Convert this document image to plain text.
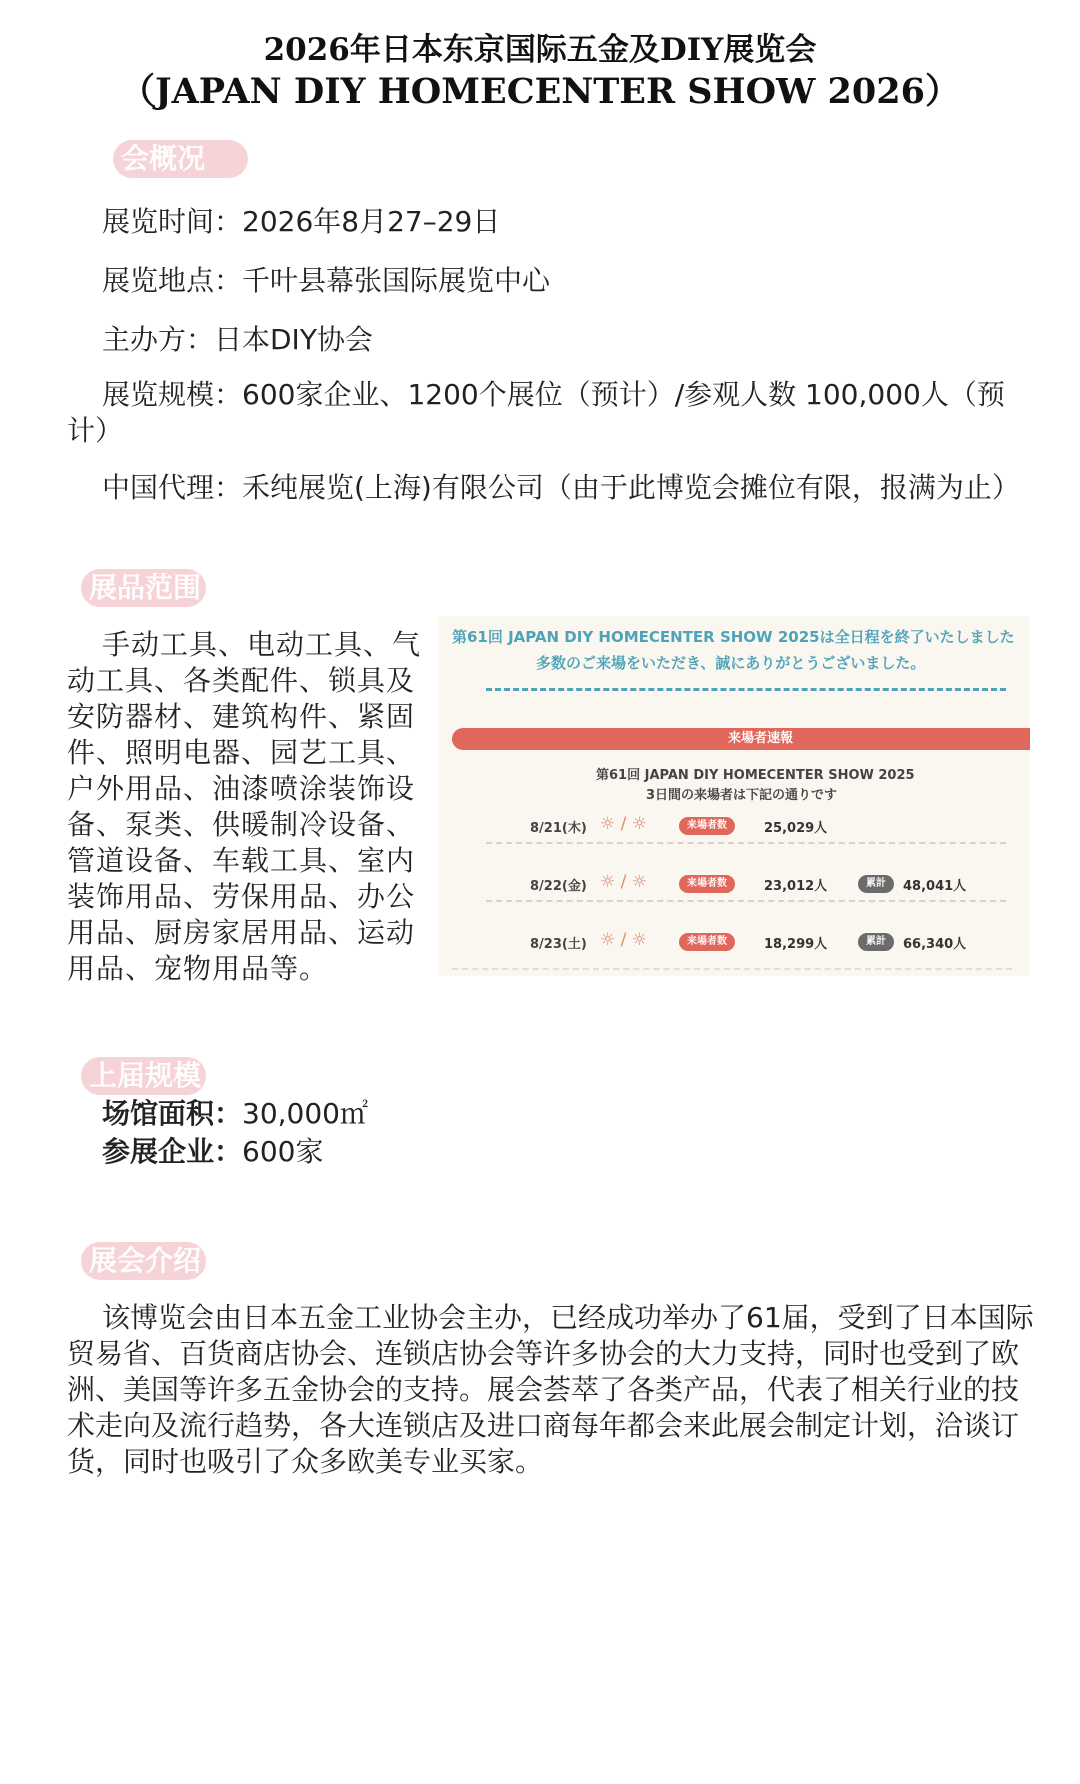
2026年日本东京国际五金及DIY展览会
（JAPAN DIY HOMECENTER SHOW 2026）
会概况
展览时间：2026年8月27–29日
展览地点：千叶县幕张国际展览中心
主办方：日本DIY协会
展览规模：600家企业、1200个展位（预计）/参观人数 100,000人（预计）
中国代理：禾纯展览(上海)有限公司（由于此博览会摊位有限，报满为止）
展品范围
手动工具、电动工具、气动工具、各类配件、锁具及安防器材、建筑构件、紧固件、照明电器、园艺工具、户外用品、油漆喷涂装饰设备、泵类、供暖制冷设备、管道设备、车载工具、室内装饰用品、劳保用品、办公用品、厨房家居用品、运动用品、宠物用品等。
第61回 JAPAN DIY HOMECENTER SHOW 2025は全日程を終了いたしました
多数のご来場をいただき、誠にありがとうございました。
来場者速報
第61回 JAPAN DIY HOMECENTER SHOW 2025
3日間の来場者は下記の通りです
8/21(木) ☼ / ☼	来場者数	25,029人
8/22(金) ☼ / ☼	来場者数	23,012人	累計	48,041人
8/23(土) ☼ / ☼	来場者数	18,299人	累計	66,340人
上届规模
场馆面积：30,000㎡
参展企业：600家
展会介绍
该博览会由日本五金工业协会主办，已经成功举办了61届，受到了日本国际贸易省、百货商店协会、连锁店协会等许多协会的大力支持，同时也受到了欧洲、美国等许多五金协会的支持。展会荟萃了各类产品，代表了相关行业的技术走向及流行趋势，各大连锁店及进口商每年都会来此展会制定计划，洽谈订货，同时也吸引了众多欧美专业买家。
